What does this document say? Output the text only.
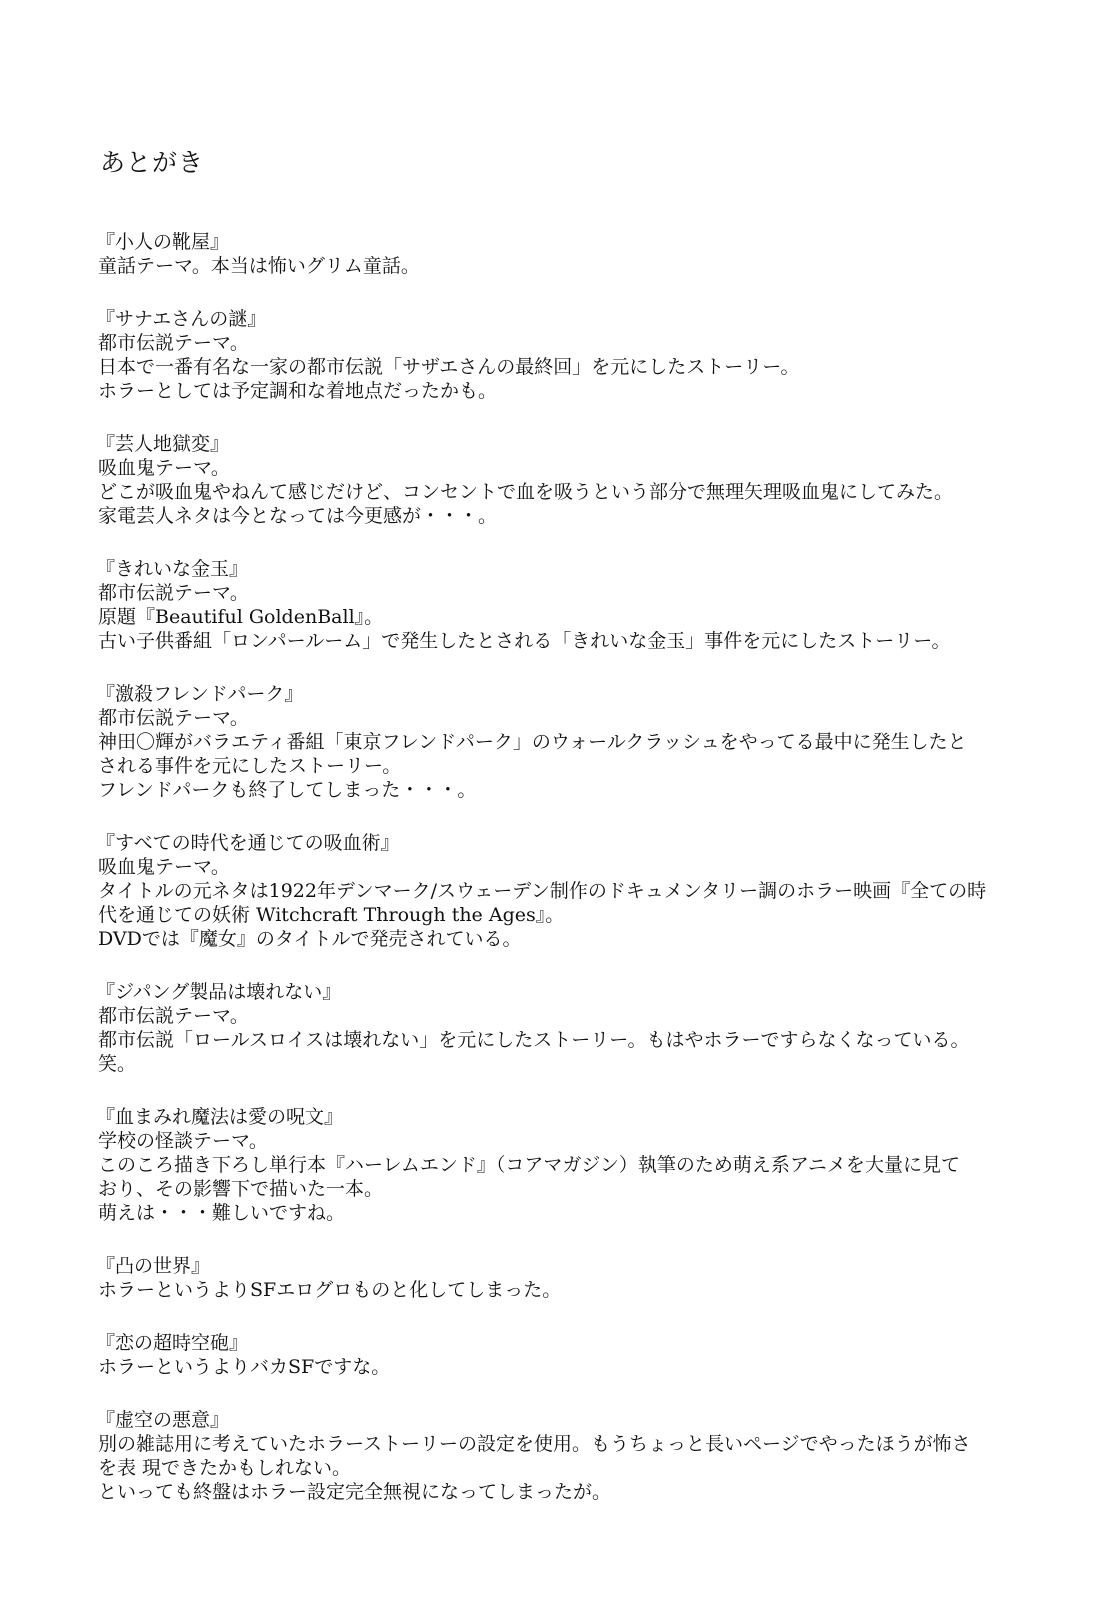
あとがき

『小人の靴屋』

童話テーマ。本当は怖いグリム童話。

『サナエさんの謎』

都市伝説テーマ。

日本で一番有名な一家の都市伝説「サザエさんの最終回」を元にしたストーリー。

ホラーとしては予定調和な着地点だったかも。

『芸人地獄変』

吸血鬼テーマ。

どこが吸血鬼やねんて感じだけど、コンセントで血を吸うという部分で無理矢理吸血鬼にしてみた。

家電芸人ネタは今となっては今更感が・・・。

『きれいな金玉』

都市伝説テーマ。

原題『Beautiful GoldenBall』。

古い子供番組「ロンパールーム」で発生したとされる「きれいな金玉」事件を元にしたストーリー。

『激殺フレンドパーク』

都市伝説テーマ。

神田〇輝がバラエティ番組「東京フレンドパーク」のウォールクラッシュをやってる最中に発生したと

される事件を元にしたストーリー。

フレンドパークも終了してしまった・・・。

『すべての時代を通じての吸血術』

吸血鬼テーマ。

タイトルの元ネタは1922年デンマーク/スウェーデン制作のドキュメンタリー調のホラー映画『全ての時

代を通じての妖術 Witchcraft Through the Ages』。

DVDでは『魔女』のタイトルで発売されている。

『ジパング製品は壊れない』

都市伝説テーマ。

都市伝説「ロールスロイスは壊れない」を元にしたストーリー。もはやホラーですらなくなっている。

笑。

『血まみれ魔法は愛の呪文』

学校の怪談テーマ。

このころ描き下ろし単行本『ハーレムエンド』（コアマガジン）執筆のため萌え系アニメを大量に見て

おり、その影響下で描いた一本。

萌えは・・・難しいですね。

『凸の世界』

ホラーというよりSFエログロものと化してしまった。

『恋の超時空砲』

ホラーというよりバカSFですな。

『虚空の悪意』

別の雑誌用に考えていたホラーストーリーの設定を使用。もうちょっと長いページでやったほうが怖さ

を表 現できたかもしれない。

といっても終盤はホラー設定完全無視になってしまったが。
